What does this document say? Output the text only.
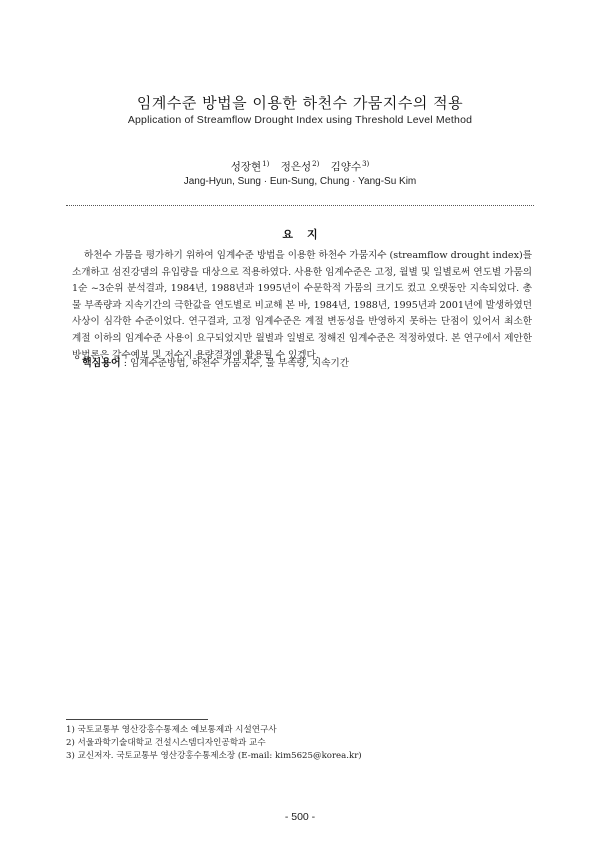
임계수준 방법을 이용한 하천수 가뭄지수의 적용
Application of Streamflow Drought Index using Threshold Level Method
성장현$^{1)}$ 정은성$^{2)}$ 김양수$^{3)}$
Jang-Hyun, Sung · Eun-Sung, Chung · Yang-Su Kim
요지

하천수 가뭄을 평가하기 위하여 임계수준 방법을 이용한 하천수 가뭄지수 (streamflow drought index)를 소개하고 섬진강댐의 유입량을 대상으로 적용하였다. 사용한 임계수준은 고정, 월별 및 일별로써 연도별 가뭄의 1순 ~3순위 분석결과, 1984년, 1988년과 1995년이 수문학적 가뭄의 크기도 컸고 오랫동안 지속되었다. 총 물 부족량과 지속기간의 극한값을 연도별로 비교해 본 바, 1984년, 1988년, 1995년과 2001년에 발생하였던 사상이 심각한 수준이었다. 연구결과, 고정 임계수준은 계절 변동성을 반영하지 못하는 단점이 있어서 최소한 계절 이하의 임계수준 사용이 요구되었지만 월별과 일별로 정해진 임계수준은 적정하였다. 본 연구에서 제안한 방법론은 갈수예보 및 저수지 용량결정에 활용될 수 있겠다.

핵심용어 : 임계수준방법, 하천수 가뭄지수, 물 부족량, 지속기간
1) 국토교통부 영산강홍수통제소 예보통제과 시설연구사
2) 서울과학기술대학교 건설시스템디자인공학과 교수
3) 교신저자. 국토교통부 영산강홍수통제소장 (E-mail: kim5625@korea.kr)
- 500 -
